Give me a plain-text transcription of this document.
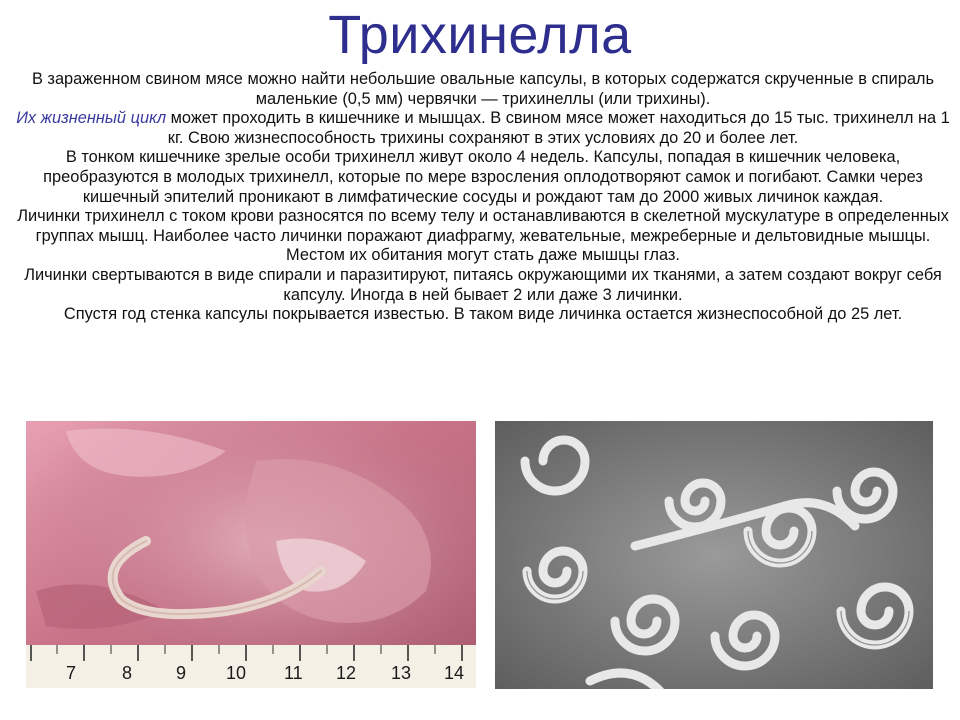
Трихинелла

В зараженном свином мясе можно найти небольшие овальные капсулы, в которых содержатся скрученные в спираль маленькие (0,5 мм) червячки — трихинеллы (или трихины).

Их жизненный цикл может проходить в кишечнике и мышцах. В свином мясе может находиться до 15 тыс. трихинелл на 1 кг. Свою жизнеспособность трихины сохраняют в этих условиях до 20 и более лет.

В тонком кишечнике зрелые особи трихинелл живут около 4 недель. Капсулы, попадая в кишечник человека, преобразуются в молодых трихинелл, которые по мере взросления оплодотворяют самок и погибают. Самки через кишечный эпителий проникают в лимфатические сосуды и рождают там до 2000 живых личинок каждая.

Личинки трихинелл с током крови разносятся по всему телу и останавливаются в скелетной мускулатуре в определенных группах мышц. Наиболее часто личинки поражают диафрагму, жевательные, межреберные и дельтовидные мышцы. Местом их обитания могут стать даже мышцы глаз.

Личинки свертываются в виде спирали и паразитируют, питаясь окружающими их тканями, а затем создают вокруг себя капсулу. Иногда в ней бывает 2 или даже 3 личинки.

Спустя год стенка капсулы покрывается известью. В таком виде личинка остается жизнеспособной до 25 лет.

7	8 9 10 11 12 13 14
